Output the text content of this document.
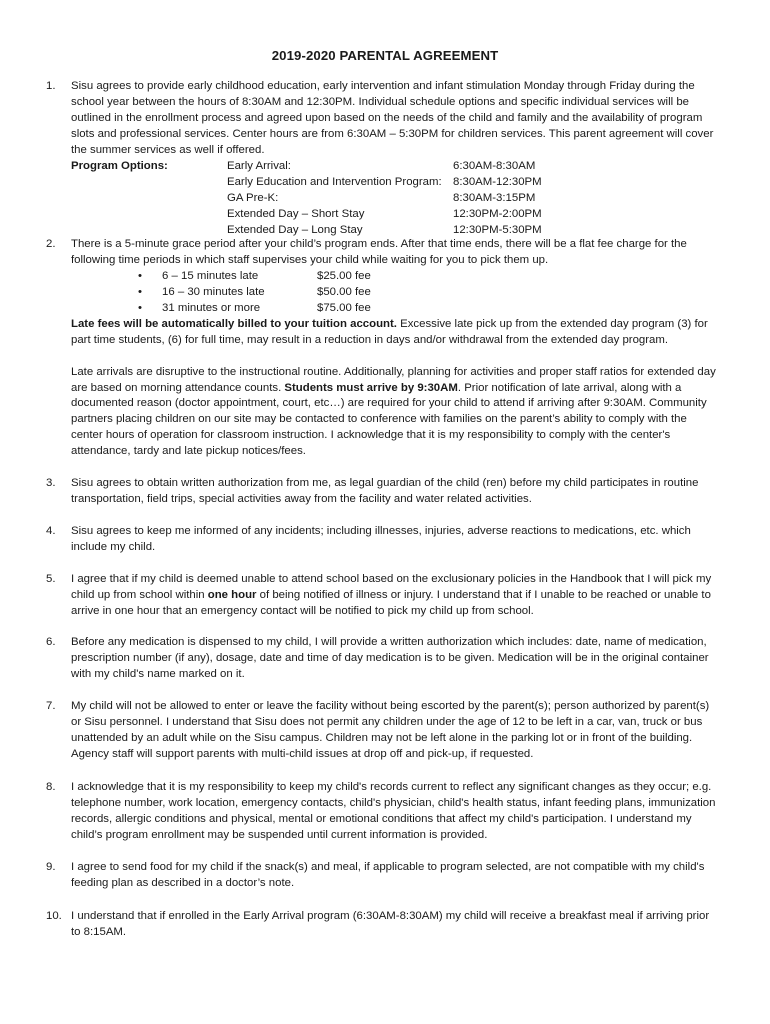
2019-2020 PARENTAL AGREEMENT
1. Sisu agrees to provide early childhood education, early intervention and infant stimulation Monday through Friday during the school year between the hours of 8:30AM and 12:30PM. Individual schedule options and specific individual services will be outlined in the enrollment process and agreed upon based on the needs of the child and family and the availability of program slots and professional services. Center hours are from 6:30AM – 5:30PM for children services. This parent agreement will cover the summer services as well if offered.

Program Options:	Early Arrival:	6:30AM-8:30AM
Early Education and Intervention Program: 8:30AM-12:30PM
GA Pre-K:	8:30AM-3:15PM
Extended Day – Short Stay	12:30PM-2:00PM
Extended Day – Long Stay	12:30PM-5:30PM
2. There is a 5-minute grace period after your child’s program ends. After that time ends, there will be a flat fee charge for the following time periods in which staff supervises your child while waiting for you to pick them up.

• 6 – 15 minutes late	$25.00 fee
• 16 – 30 minutes late	$50.00 fee
• 31 minutes or more	$75.00 fee

Late fees will be automatically billed to your tuition account. Excessive late pick up from the extended day program (3) for part time students, (6) for full time, may result in a reduction in days and/or withdrawal from the extended day program.

Late arrivals are disruptive to the instructional routine. Additionally, planning for activities and proper staff ratios for extended day are based on morning attendance counts. Students must arrive by 9:30AM. Prior notification of late arrival, along with a documented reason (doctor appointment, court, etc…) are required for your child to attend if arriving after 9:30AM. Community partners placing children on our site may be contacted to conference with families on the parent’s ability to comply with the center hours of operation for classroom instruction. I acknowledge that it is my responsibility to comply with the center's attendance, tardy and late pickup notices/fees.

3. Sisu agrees to obtain written authorization from me, as legal guardian of the child (ren) before my child participates in routine transportation, field trips, special activities away from the facility and water related activities.

4. Sisu agrees to keep me informed of any incidents; including illnesses, injuries, adverse reactions to medications, etc. which include my child.

5. I agree that if my child is deemed unable to attend school based on the exclusionary policies in the Handbook that I will pick my child up from school within one hour of being notified of illness or injury. I understand that if I unable to be reached or unable to arrive in one hour that an emergency contact will be notified to pick my child up from school.

6. Before any medication is dispensed to my child, I will provide a written authorization which includes: date, name of medication, prescription number (if any), dosage, date and time of day medication is to be given. Medication will be in the original container with my child's name marked on it.

7. My child will not be allowed to enter or leave the facility without being escorted by the parent(s); person authorized by parent(s) or Sisu personnel. I understand that Sisu does not permit any children under the age of 12 to be left in a car, van, truck or bus unattended by an adult while on the Sisu campus. Children may not be left alone in the parking lot or in front of the building. Agency staff will support parents with multi-child issues at drop off and pick-up, if requested.

8. I acknowledge that it is my responsibility to keep my child's records current to reflect any significant changes as they occur; e.g. telephone number, work location, emergency contacts, child's physician, child's health status, infant feeding plans, immunization records, allergic conditions and physical, mental or emotional conditions that affect my child's participation. I understand my child’s program enrollment may be suspended until current information is provided.

9. I agree to send food for my child if the snack(s) and meal, if applicable to program selected, are not compatible with my child's feeding plan as described in a doctor’s note.

10. I understand that if enrolled in the Early Arrival program (6:30AM-8:30AM) my child will receive a breakfast meal if arriving prior to 8:15AM.
